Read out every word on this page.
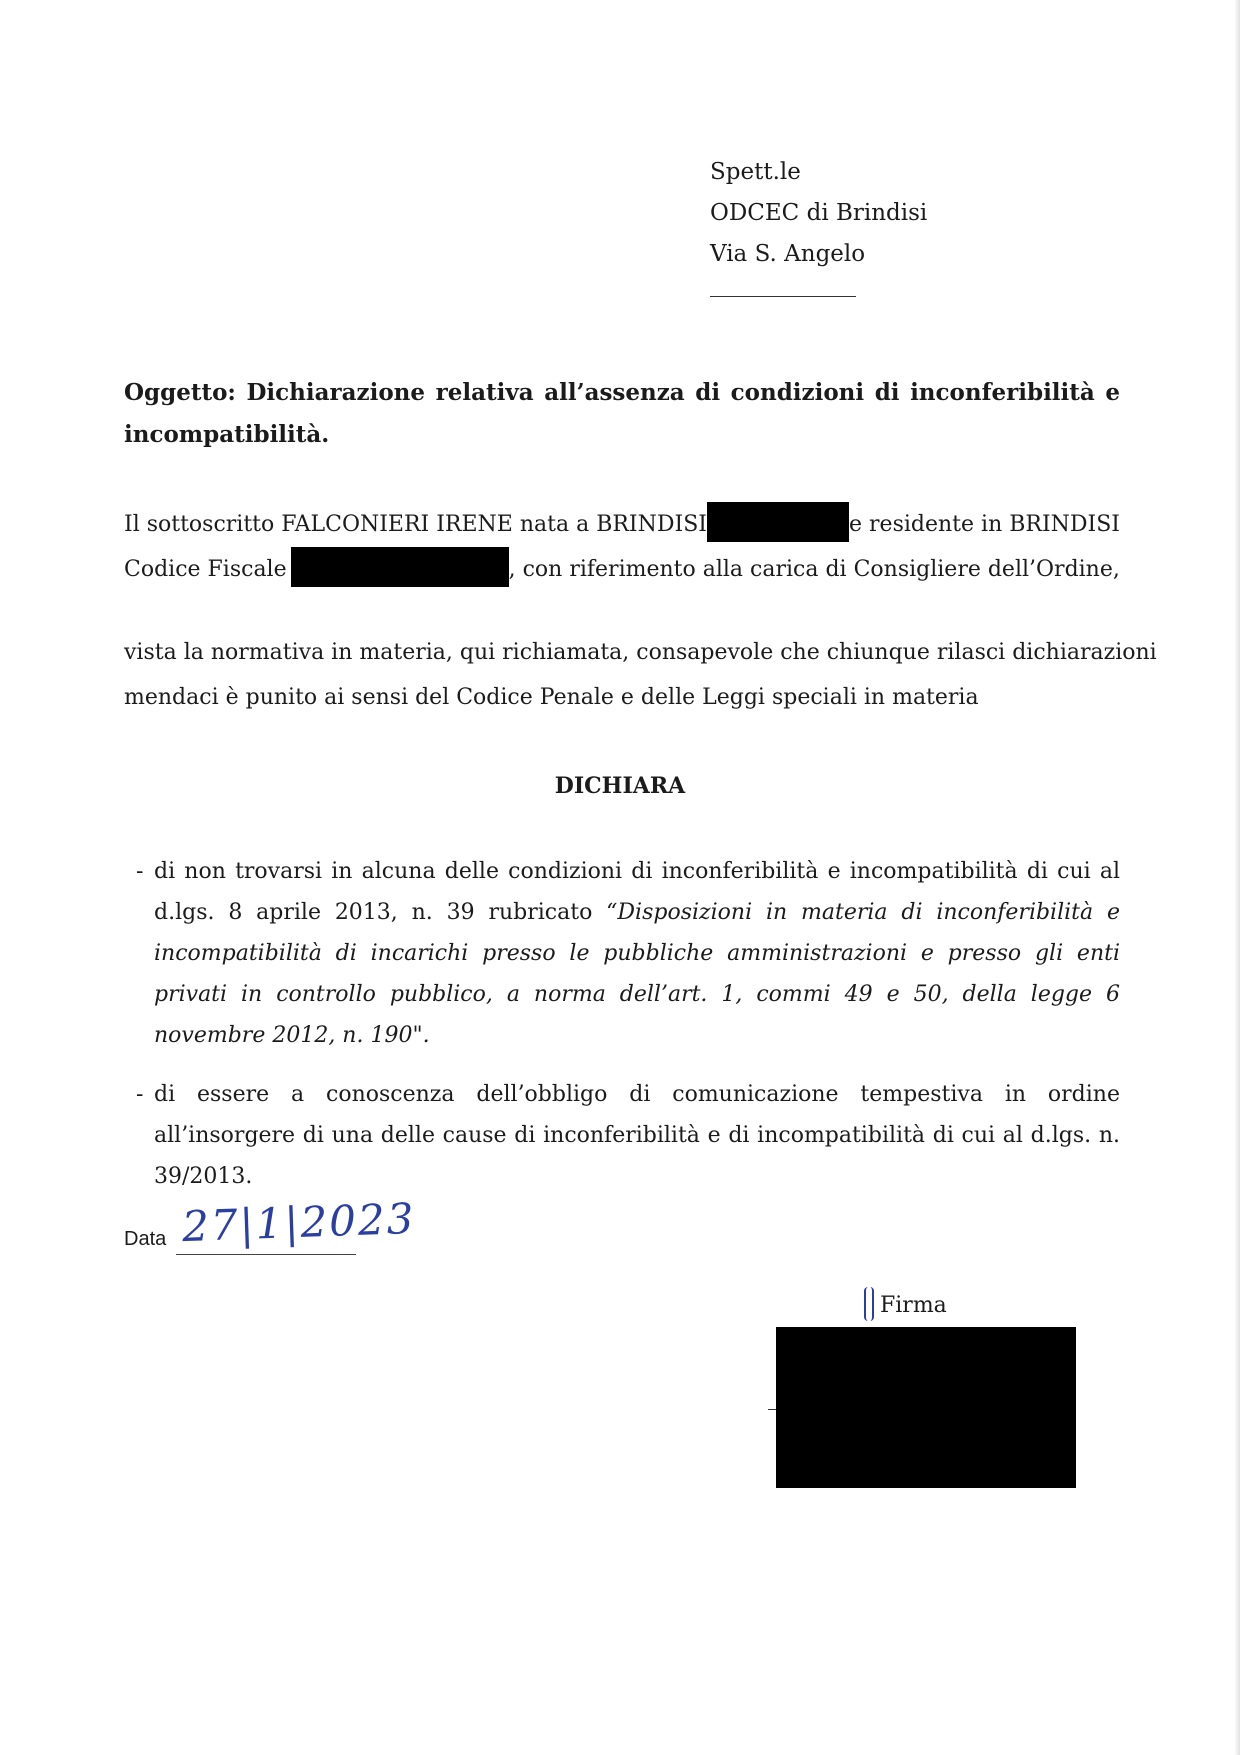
Spett.le
ODCEC di Brindisi
Via S. Angelo
Oggetto: Dichiarazione relativa all’assenza di condizioni di inconferibilità e incompatibilità.
Il sottoscritto FALCONIERI IRENE nata a BRINDISI	e residente in BRINDISI
Codice Fiscale	, con riferimento alla carica di Consigliere dell’Ordine,
vista la normativa in materia, qui richiamata, consapevole che chiunque rilasci dichiarazioni
mendaci è punito ai sensi del Codice Penale e delle Leggi speciali in materia
DICHIARA
- di non trovarsi in alcuna delle condizioni di inconferibilità e incompatibilità di cui al d.lgs. 8 aprile 2013, n. 39 rubricato “Disposizioni in materia di inconferibilità e incompatibilità di incarichi presso le pubbliche amministrazioni e presso gli enti privati in controllo pubblico, a norma dell’art. 1, commi 49 e 50, della legge 6 novembre 2012, n. 190".
- di essere a conoscenza dell’obbligo di comunicazione tempestiva in ordine all’insorgere di una delle cause di inconferibilità e di incompatibilità di cui al d.lgs. n. 39/2013.
Data 27|1|2023
Firma
